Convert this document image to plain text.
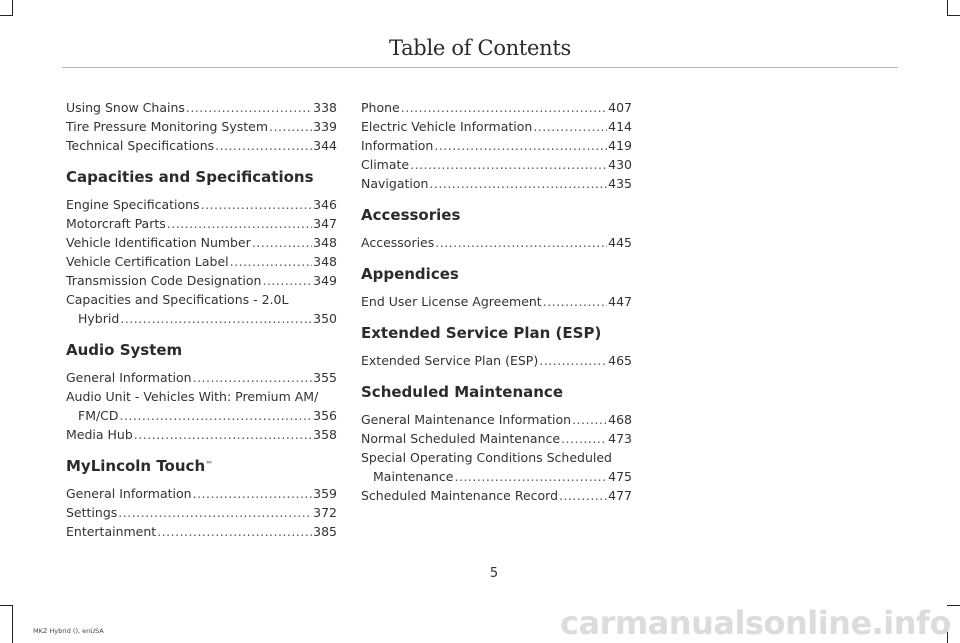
Table of Contents
Using Snow Chains .....	338
Tire Pressure Monitoring System .....	339
Technical Specifications .....	344
Capacities and Specifications
Engine Specifications .....	346
Motorcraft Parts .....	347
Vehicle Identification Number .....	348
Vehicle Certification Label .....	348
Transmission Code Designation .....	349
Capacities and Specifications - 2.0L
Hybrid .....	350
Audio System
General Information .....	355
Audio Unit - Vehicles With: Premium AM/
FM/CD .....	356
Media Hub .....	358
MyLincoln Touch™
General Information .....	359
Settings .....	372
Entertainment .....	385
Phone .....	407
Electric Vehicle Information .....	414
Information .....	419
Climate .....	430
Navigation .....	435
Accessories
Accessories .....	445
Appendices
End User License Agreement .....	447
Extended Service Plan (ESP)
Extended Service Plan (ESP) .....	465
Scheduled Maintenance
General Maintenance Information .....	468
Normal Scheduled Maintenance .....	473
Special Operating Conditions Scheduled
Maintenance .....	475
Scheduled Maintenance Record .....	477
5
MKZ Hybrid (), enUSA	carmanualsonline.info
